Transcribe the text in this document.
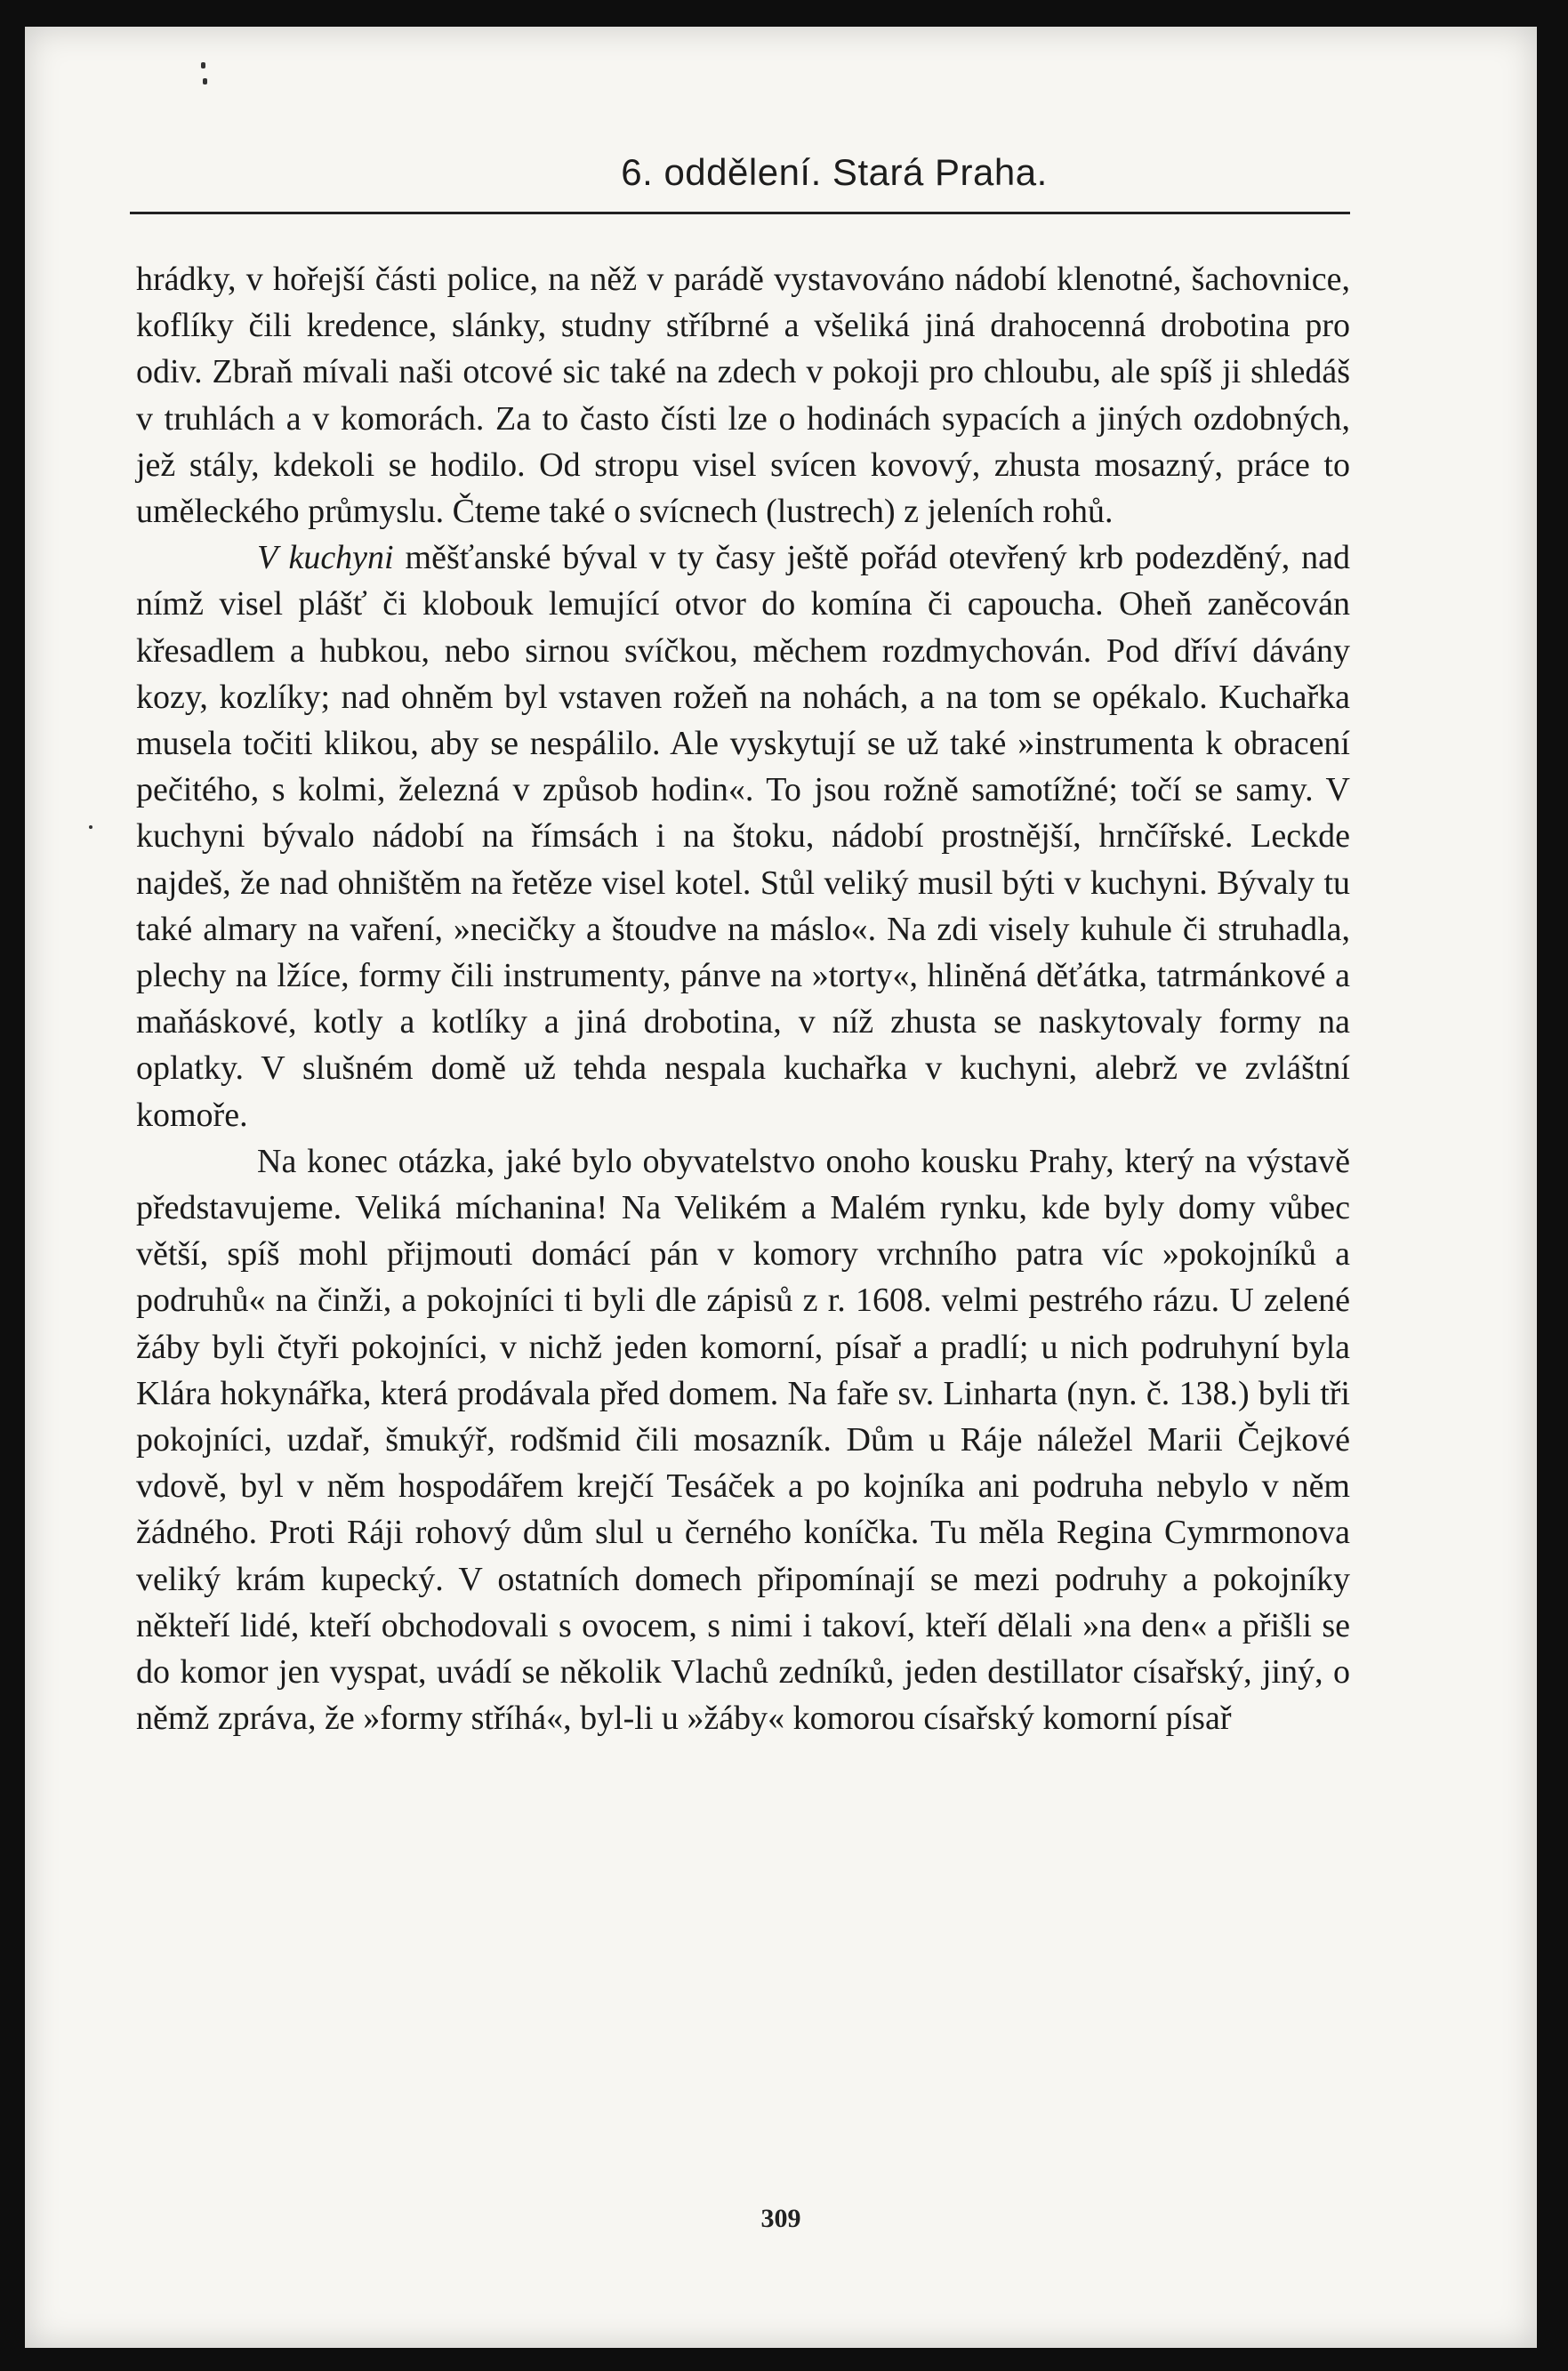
6. oddělení. Stará Praha.

hrádky, v hořejší části police, na něž v parádě vystavováno nádobí klenotné, šachovnice, koflíky čili kredence, slánky, studny stříbrné a všeliká jiná drahocenná drobotina pro odiv. Zbraň mívali naši otcové sic také na zdech v pokoji pro chloubu, ale spíš ji shledáš v truhlách a v komorách. Za to často čísti lze o hodinách sypacích a jiných ozdobných, jež stály, kdekoli se hodilo. Od stropu visel svícen kovový, zhusta mosazný, práce to uměleckého průmyslu. Čteme také o svícnech (lustrech) z jeleních rohů.

V kuchyni měšťanské býval v ty časy ještě pořád otevřený krb podezděný, nad nímž visel plášť či klobouk lemující otvor do komína či capoucha. Oheň zaněcován křesadlem a hubkou, nebo sirnou svíčkou, měchem rozdmychován. Pod dříví dávány kozy, kozlíky; nad ohněm byl vstaven rožeň na nohách, a na tom se opékalo. Kuchařka musela točiti klikou, aby se nespálilo. Ale vyskytují se už také »instrumenta k obracení pečitého, s kolmi, železná v způsob hodin«. To jsou rožně samotížné; točí se samy. V kuchyni bývalo nádobí na římsách i na štoku, nádobí prostnější, hrnčířské. Leckde najdeš, že nad ohništěm na řetěze visel kotel. Stůl veliký musil býti v kuchyni. Bývaly tu také almary na vaření, »necičky a štoudve na máslo«. Na zdi visely kuhule či struhadla, plechy na lžíce, formy čili instrumenty, pánve na »torty«, hliněná děťátka, tatrmánkové a maňáskové, kotly a kotlíky a jiná drobotina, v níž zhusta se naskytovaly formy na oplatky. V slušném domě už tehda nespala kuchařka v kuchyni, alebrž ve zvláštní komoře.

Na konec otázka, jaké bylo obyvatelstvo onoho kousku Prahy, který na výstavě představujeme. Veliká míchanina! Na Velikém a Malém rynku, kde byly domy vůbec větší, spíš mohl přijmouti domácí pán v komory vrchního patra víc »pokojníků a podruhů« na činži, a pokojníci ti byli dle zápisů z r. 1608. velmi pestrého rázu. U zelené žáby byli čtyři pokojníci, v nichž jeden komorní, písař a pradlí; u nich podruhyní byla Klára hokynářka, která prodávala před domem. Na faře sv. Linharta (nyn. č. 138.) byli tři pokojníci, uzdař, šmukýř, rodšmid čili mosazník. Dům u Ráje náležel Marii Čejkové vdově, byl v něm hospodářem krejčí Tesáček a po kojníka ani podruha nebylo v něm žádného. Proti Ráji rohový dům slul u černého koníčka. Tu měla Regina Cymrmonova veliký krám kupecký. V ostatních domech připomínají se mezi podruhy a pokojníky někteří lidé, kteří obchodovali s ovocem, s nimi i takoví, kteří dělali »na den« a přišli se do komor jen vyspat, uvádí se několik Vlachů zedníků, jeden destillator císařský, jiný, o němž zpráva, že »formy stříhá«, byl-li u »žáby« komorou císařský komorní písař

309
